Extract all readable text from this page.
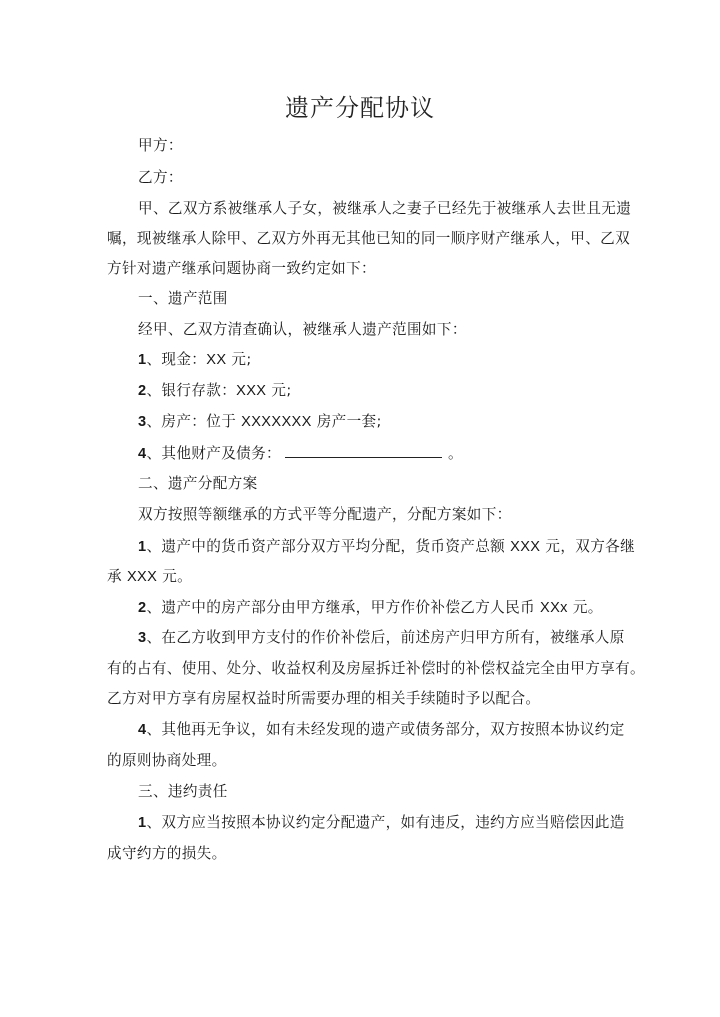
遗产分配协议
甲方：
乙方：
甲、乙双方系被继承人子女，被继承人之妻子已经先于被继承人去世且无遗
嘱，现被继承人除甲、乙双方外再无其他已知的同一顺序财产继承人，甲、乙双
方针对遗产继承问题协商一致约定如下：
一、遗产范围
经甲、乙双方清查确认，被继承人遗产范围如下：
1、现金：XX 元;
2、银行存款：XXX 元;
3、房产：位于 XXXXXXX 房产一套;
4、其他财产及债务：	。
二、遗产分配方案
双方按照等额继承的方式平等分配遗产，分配方案如下：
1、遗产中的货币资产部分双方平均分配，货币资产总额 XXX 元，双方各继
承 XXX 元。
2、遗产中的房产部分由甲方继承，甲方作价补偿乙方人民币 XXx 元。
3、在乙方收到甲方支付的作价补偿后，前述房产归甲方所有，被继承人原
有的占有、使用、处分、收益权利及房屋拆迁补偿时的补偿权益完全由甲方享有。
乙方对甲方享有房屋权益时所需要办理的相关手续随时予以配合。
4、其他再无争议，如有未经发现的遗产或债务部分，双方按照本协议约定
的原则协商处理。
三、违约责任
1、双方应当按照本协议约定分配遗产，如有违反，违约方应当赔偿因此造
成守约方的损失。
